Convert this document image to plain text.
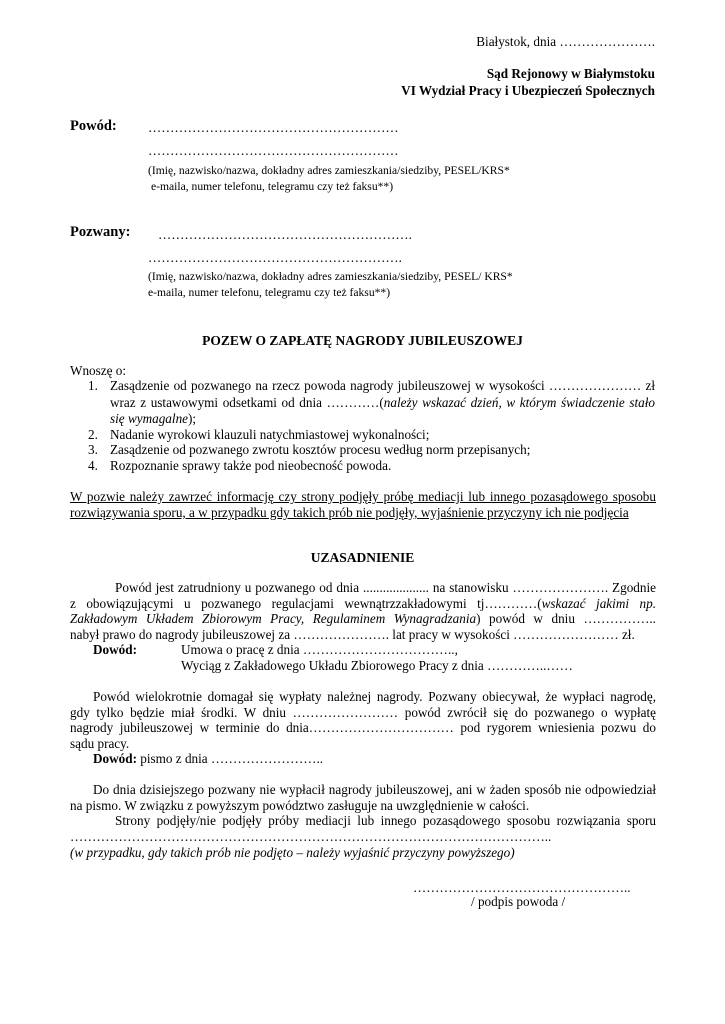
Białystok, dnia ………………….
Sąd Rejonowy w Białymstoku
VI Wydział Pracy i Ubezpieczeń Społecznych
Powód: …………………………………………………
…………………………………………………
(Imię, nazwisko/nazwa, dokładny adres zamieszkania/siedziby, PESEL/KRS*
e-maila, numer telefonu, telegramu czy też faksu**)
Pozwany: ………………………………………………….
………………………………………………….
(Imię, nazwisko/nazwa, dokładny adres zamieszkania/siedziby, PESEL/ KRS*
e-maila, numer telefonu, telegramu czy też faksu**)
POZEW O ZAPŁATĘ NAGRODY JUBILEUSZOWEJ
Wnoszę o:
1. Zasądzenie od pozwanego na rzecz powoda nagrody jubileuszowej w wysokości ………………… zł
wraz z ustawowymi odsetkami od dnia …………(należy wskazać dzień, w którym świadczenie stało
się wymagalne);
2. Nadanie wyrokowi klauzuli natychmiastowej wykonalności;
3. Zasądzenie od pozwanego zwrotu kosztów procesu według norm przepisanych;
4. Rozpoznanie sprawy także pod nieobecność powoda.
W pozwie należy zawrzeć informację czy strony podjęły próbę mediacji lub innego pozasądowego sposobu
rozwiązywania sporu, a w przypadku gdy takich prób nie podjęły, wyjaśnienie przyczyny ich nie podjęcia
UZASADNIENIE
Powód jest zatrudniony u pozwanego od dnia .................... na stanowisku …………………. Zgodnie
z obowiązującymi u pozwanego regulacjami wewnątrzzakładowymi tj…………(wskazać jakimi np.
Zakładowym Układem Zbiorowym Pracy, Regulaminem Wynagradzania) powód w dniu ……………..
nabył prawo do nagrody jubileuszowej za …………………. lat pracy w wysokości …………………… zł.
Dowód:	Umowa o pracę z dnia ……………………………..,
Wyciąg z Zakładowego Układu Zbiorowego Pracy z dnia …………..……
Powód wielokrotnie domagał się wypłaty należnej nagrody. Pozwany obiecywał, że wypłaci nagrodę,
gdy tylko będzie miał środki. W dniu …………………… powód zwrócił się do pozwanego o wypłatę
nagrody jubileuszowej w terminie do dnia…………………………… pod rygorem wniesienia pozwu do
sądu pracy.
Dowód: pismo z dnia ……………………..
Do dnia dzisiejszego pozwany nie wypłacił nagrody jubileuszowej, ani w żaden sposób nie odpowiedział
na pismo. W związku z powyższym powództwo zasługuje na uwzględnienie w całości.
Strony podjęły/nie podjęły próby mediacji lub innego pozasądowego sposobu rozwiązania sporu
………………………………………………………………………………………………..
(w przypadku, gdy takich prób nie podjęto – należy wyjaśnić przyczyny powyższego)
…………………………………………..
/ podpis powoda /
